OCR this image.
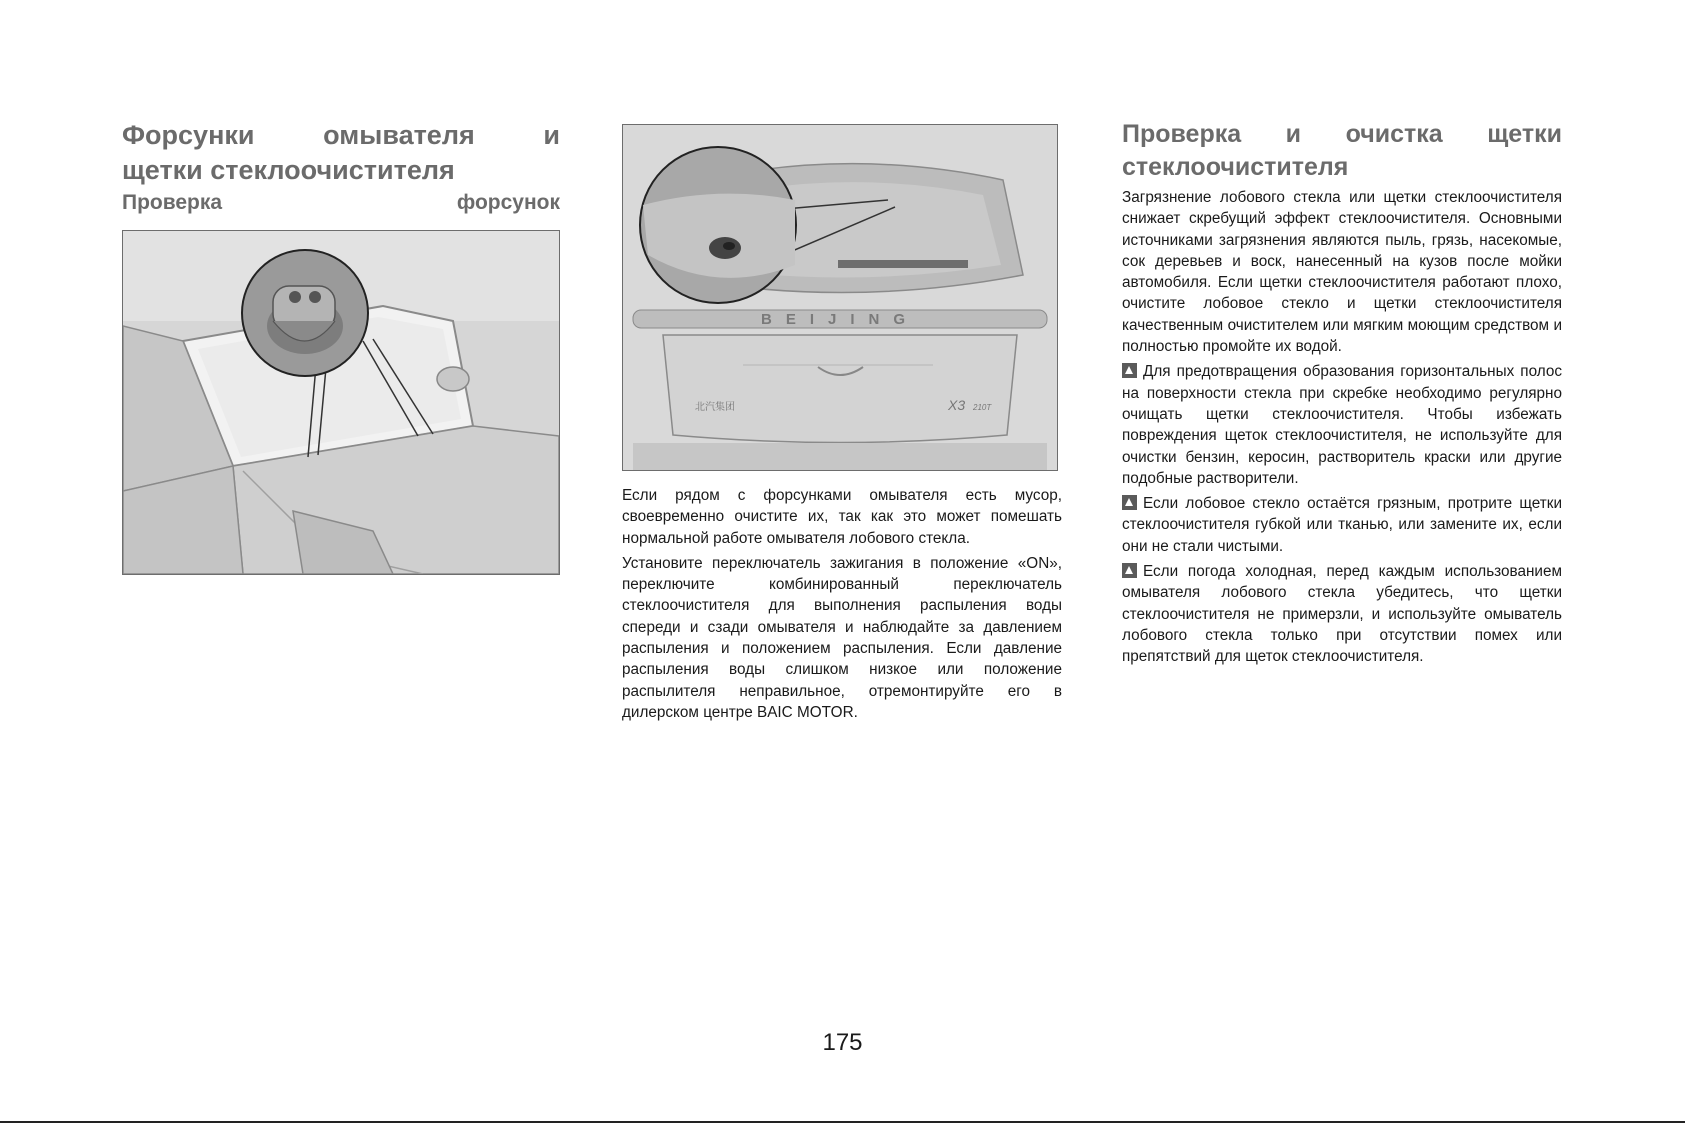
Форсунки омывателя и
щетки стеклоочистителя
Проверка форсунок
BEIJING
北汽集团	X3 210T

Если рядом с форсунками омывателя есть мусор, своевременно очистите их, так как это может помешать нормальной работе омывателя лобового стекла.

Установите переключатель зажигания в положение «ON», переключите комбинированный переключатель стеклоочистителя для выполнения распыления воды спереди и сзади омывателя и наблюдайте за давлением распыления и положением распыления. Если давление распыления воды слишком низкое или положение распылителя неправильное, отремонтируйте его в дилерском центре BAIC MOTOR.

Проверка и очистка щетки
стеклоочистителя

Загрязнение лобового стекла или щетки стеклоочистителя снижает скребущий эффект стеклоочистителя. Основными источниками загрязнения являются пыль, грязь, насекомые, сок деревьев и воск, нанесенный на кузов после мойки автомобиля. Если щетки стеклоочистителя работают плохо, очистите лобовое стекло и щетки стеклоочистителя качественным очистителем или мягким моющим средством и полностью промойте их водой.

Для предотвращения образования горизонтальных полос на поверхности стекла при скребке необходимо регулярно очищать щетки стеклоочистителя. Чтобы избежать повреждения щеток стеклоочистителя, не используйте для очистки бензин, керосин, растворитель краски или другие подобные растворители.

Если лобовое стекло остаётся грязным, протрите щетки стеклоочистителя губкой или тканью, или замените их, если они не стали чистыми.

Если погода холодная, перед каждым использованием омывателя лобового стекла убедитесь, что щетки стеклоочистителя не примерзли, и используйте омыватель лобового стекла только при отсутствии помех или препятствий для щеток стеклоочистителя.

175
